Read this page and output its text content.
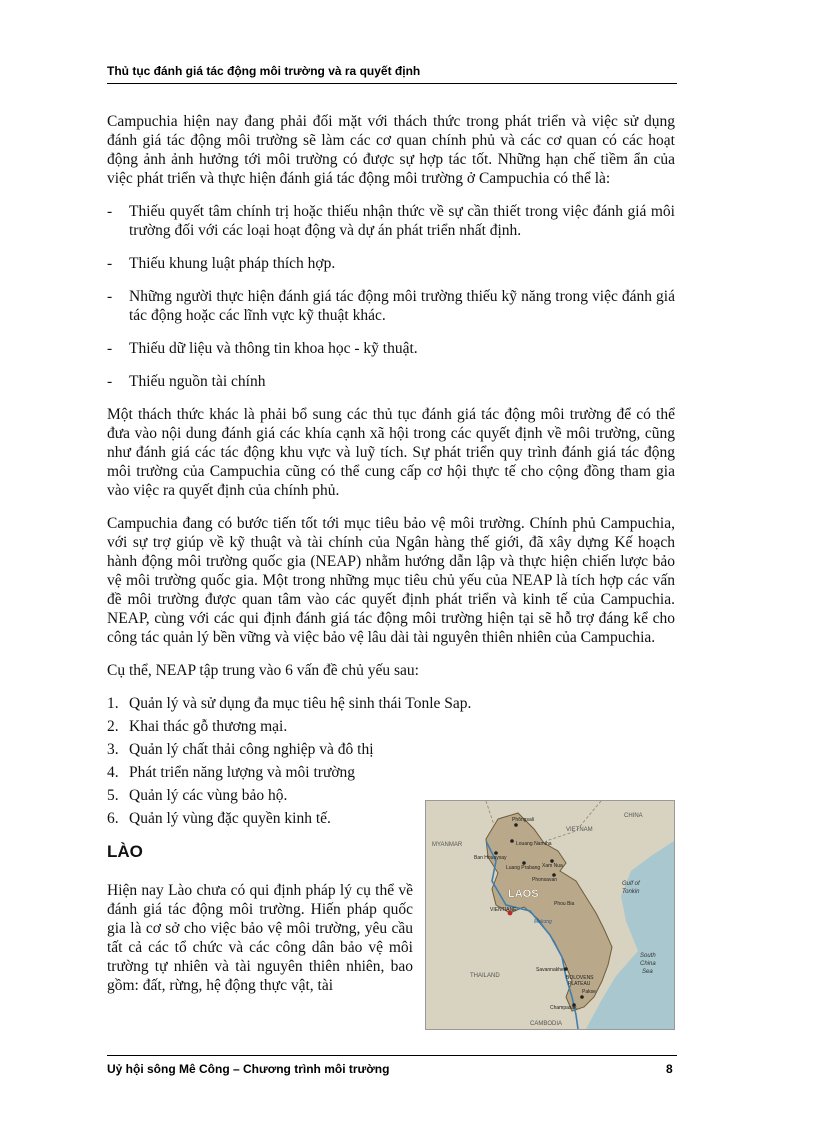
Thủ tục đánh giá tác động môi trường và ra quyết định

Campuchia hiện nay đang phải đối mặt với thách thức trong phát triển và việc sử dụng đánh giá tác động môi trường sẽ làm các cơ quan chính phủ và các cơ quan có các hoạt động ảnh ảnh hưởng tới môi trường có được sự hợp tác tốt. Những hạn chế tiềm ẩn của việc phát triển và thực hiện đánh giá tác động môi trường ở Campuchia có thể là:

- Thiếu quyết tâm chính trị hoặc thiếu nhận thức về sự cần thiết trong việc đánh giá môi trường đối với các loại hoạt động và dự án phát triển nhất định.
- Thiếu khung luật pháp thích hợp.
- Những người thực hiện đánh giá tác động môi trường thiếu kỹ năng trong việc đánh giá tác động hoặc các lĩnh vực kỹ thuật khác.
- Thiếu dữ liệu và thông tin khoa học - kỹ thuật.
- Thiếu nguồn tài chính

Một thách thức khác là phải bổ sung các thủ tục đánh giá tác động môi trường để có thể đưa vào nội dung đánh giá các khía cạnh xã hội trong các quyết định về môi trường, cũng như đánh giá các tác động khu vực và luỹ tích. Sự phát triển quy trình đánh giá tác động môi trường của Campuchia cũng có thể cung cấp cơ hội thực tế cho cộng đồng tham gia vào việc ra quyết định của chính phủ.

Campuchia đang có bước tiến tốt tới mục tiêu bảo vệ môi trường. Chính phủ Campuchia, với sự trợ giúp về kỹ thuật và tài chính của Ngân hàng thế giới, đã xây dựng Kế hoạch hành động môi trường quốc gia (NEAP) nhằm hướng dẫn lập và thực hiện chiến lược bảo vệ môi trường quốc gia. Một trong những mục tiêu chủ yếu của NEAP là tích hợp các vấn đề môi trường được quan tâm vào các quyết định phát triển và kinh tế của Campuchia. NEAP, cùng với các qui định đánh giá tác động môi trường hiện tại sẽ hỗ trợ đáng kể cho công tác quản lý bền vững và việc bảo vệ lâu dài tài nguyên thiên nhiên của Campuchia.

Cụ thể, NEAP tập trung vào 6 vấn đề chủ yếu sau:

1. Quản lý và sử dụng đa mục tiêu hệ sinh thái Tonle Sap.
2. Khai thác gỗ thương mại.
3. Quản lý chất thải công nghiệp và đô thị
4. Phát triển năng lượng và môi trường
5. Quản lý các vùng bảo hộ.
6. Quản lý vùng đặc quyền kinh tế.
LÀO

Hiện nay Lào chưa có qui định pháp lý cụ thể về đánh giá tác động môi trường. Hiến pháp quốc gia là cơ sở cho việc bảo vệ môi trường, yêu cầu tất cả các tổ chức và các công dân bảo vệ môi trường tự nhiên và tài nguyên thiên nhiên, bao gồm: đất, rừng, hệ động thực vật, tài

VIETNAM
CHINA
MYANMAR
Phôngsali
Louang Namtha
Ban Houayxay
Luang Prabang Xam Nua
Phonsavan
LAOS
Phou Bia
VIENTIANE
Gulf of
Tonkin
Mekong
Savannakhet
THAILAND	BOLOVENS
PLATEAU
Pakse
Champasak
South
China
Sea
CAMBODIA
Uỷ hội sông Mê Công – Chương trình môi trường	8
